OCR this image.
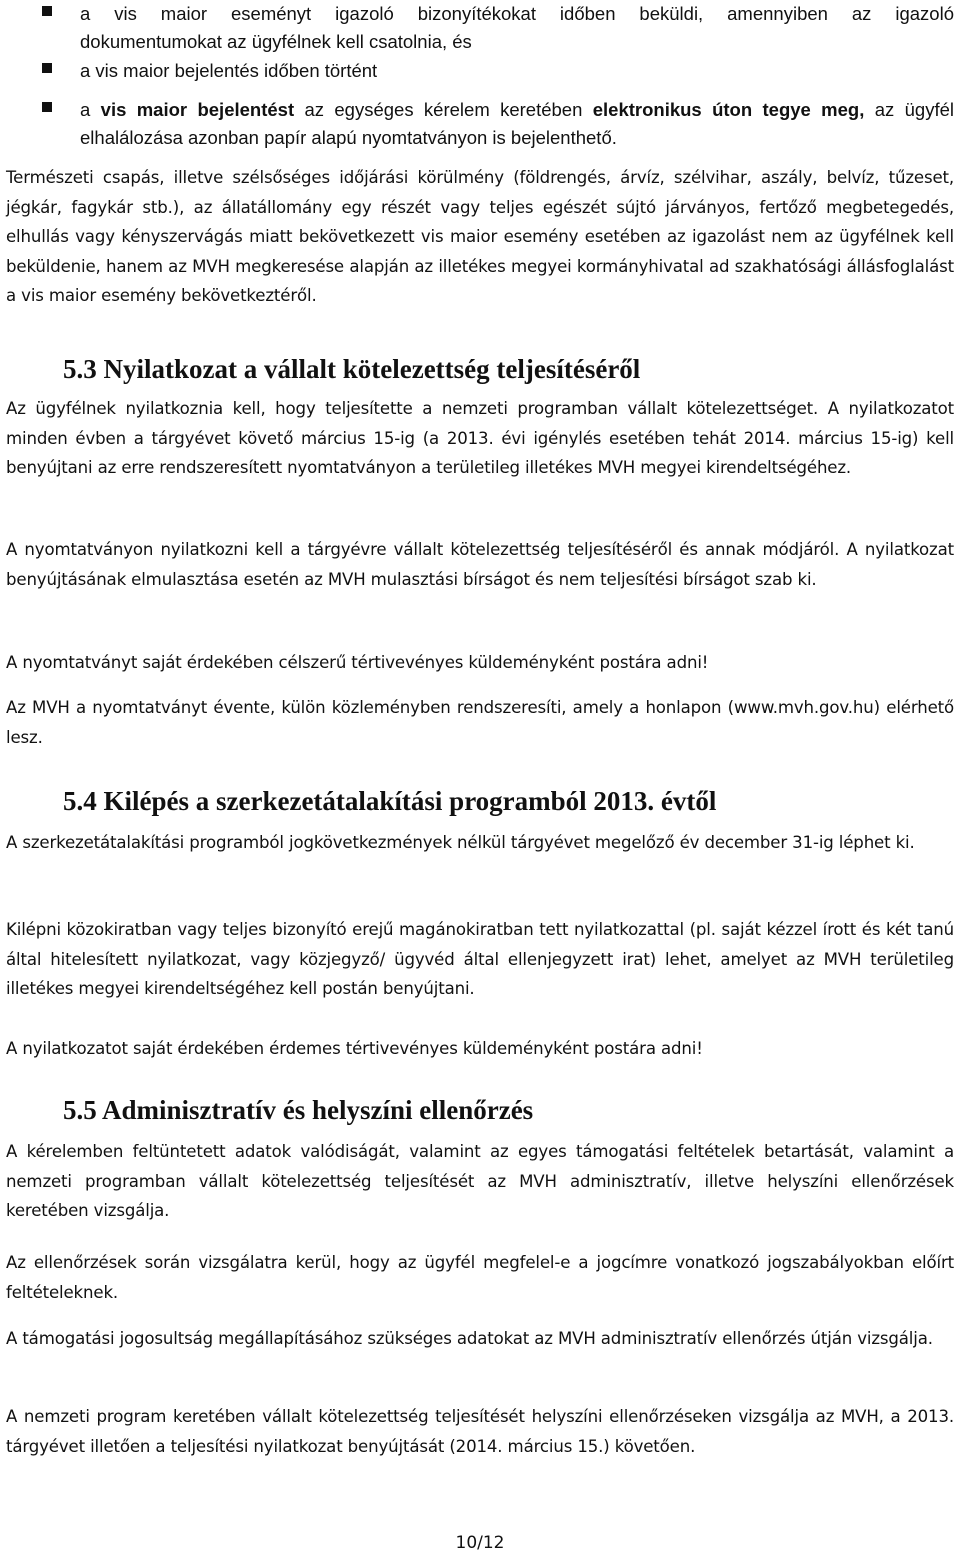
a vis maior eseményt igazoló bizonyítékokat időben beküldi, amennyiben az igazoló
dokumentumokat az ügyfélnek kell csatolnia, és
a vis maior bejelentés időben történt
a vis maior bejelentést az egységes kérelem keretében elektronikus úton tegye meg, az ügyfél elhalálozása azonban papír alapú nyomtatványon is bejelenthető.

Természeti csapás, illetve szélsőséges időjárási körülmény (földrengés, árvíz, szélvihar, aszály, belvíz, tűzeset, jégkár, fagykár stb.), az állatállomány egy részét vagy teljes egészét sújtó járványos, fertőző megbetegedés, elhullás vagy kényszervágás miatt bekövetkezett vis maior esemény esetében az igazolást nem az ügyfélnek kell beküldenie, hanem az MVH megkeresése alapján az illetékes megyei kormányhivatal ad szakhatósági állásfoglalást a vis maior esemény bekövetkeztéről.

5.3 Nyilatkozat a vállalt kötelezettség teljesítéséről

Az ügyfélnek nyilatkoznia kell, hogy teljesítette a nemzeti programban vállalt kötelezettséget. A nyilatkozatot minden évben a tárgyévet követő március 15-ig (a 2013. évi igénylés esetében tehát 2014. március 15-ig) kell benyújtani az erre rendszeresített nyomtatványon a területileg illetékes MVH megyei kirendeltségéhez.

A nyomtatványon nyilatkozni kell a tárgyévre vállalt kötelezettség teljesítéséről és annak módjáról. A nyilatkozat benyújtásának elmulasztása esetén az MVH mulasztási bírságot és nem teljesítési bírságot szab ki.

A nyomtatványt saját érdekében célszerű tértivevényes küldeményként postára adni!

Az MVH a nyomtatványt évente, külön közleményben rendszeresíti, amely a honlapon (www.mvh.gov.hu) elérhető lesz.

5.4 Kilépés a szerkezetátalakítási programból 2013. évtől

A szerkezetátalakítási programból jogkövetkezmények nélkül tárgyévet megelőző év december 31-ig léphet ki.

Kilépni közokiratban vagy teljes bizonyító erejű magánokiratban tett nyilatkozattal (pl. saját kézzel írott és két tanú által hitelesített nyilatkozat, vagy közjegyző/ ügyvéd által ellenjegyzett irat) lehet, amelyet az MVH területileg illetékes megyei kirendeltségéhez kell postán benyújtani.

A nyilatkozatot saját érdekében érdemes tértivevényes küldeményként postára adni!

5.5 Adminisztratív és helyszíni ellenőrzés

A kérelemben feltüntetett adatok valódiságát, valamint az egyes támogatási feltételek betartását, valamint a nemzeti programban vállalt kötelezettség teljesítését az MVH adminisztratív, illetve helyszíni ellenőrzések keretében vizsgálja.

Az ellenőrzések során vizsgálatra kerül, hogy az ügyfél megfelel-e a jogcímre vonatkozó jogszabályokban előírt feltételeknek.

A támogatási jogosultság megállapításához szükséges adatokat az MVH adminisztratív ellenőrzés útján vizsgálja.

A nemzeti program keretében vállalt kötelezettség teljesítését helyszíni ellenőrzéseken vizsgálja az MVH, a 2013. tárgyévet illetően a teljesítési nyilatkozat benyújtását (2014. március 15.) követően.

10/12
